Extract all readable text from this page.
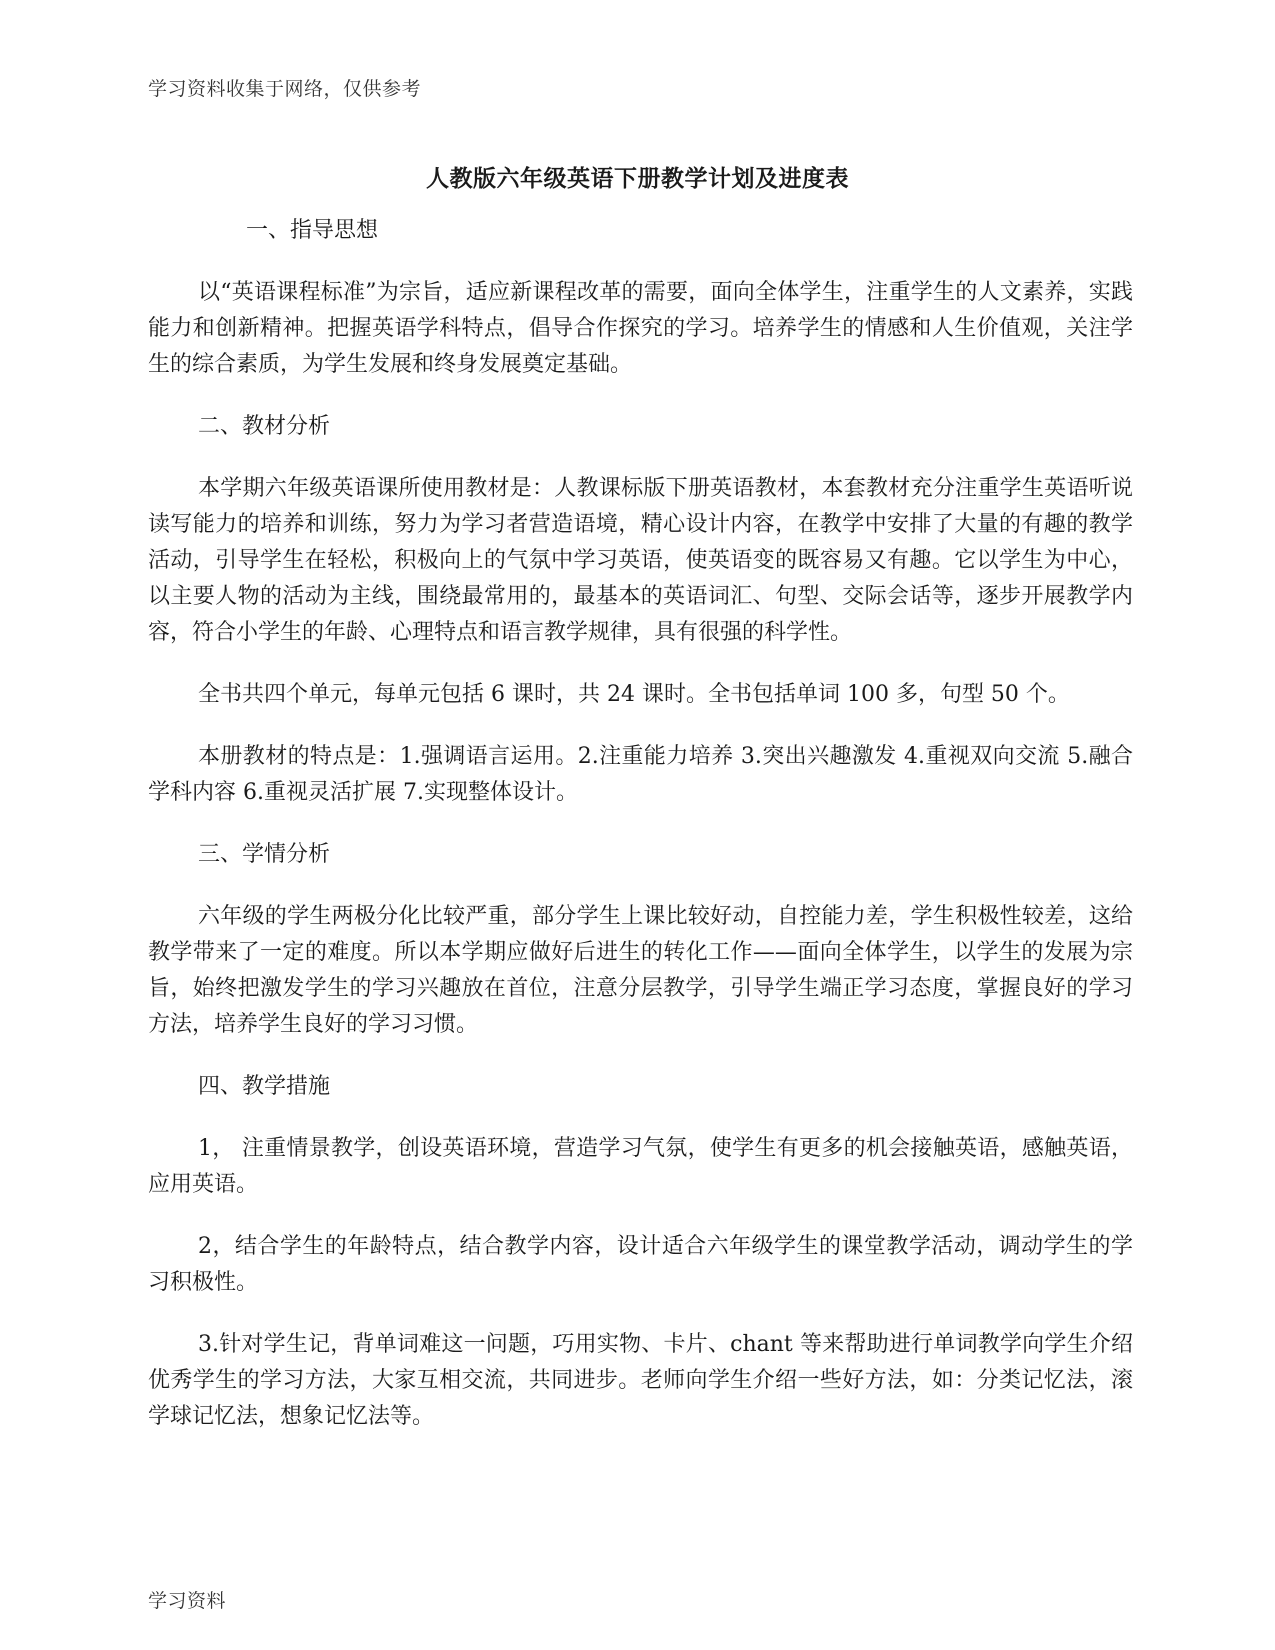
学习资料收集于网络，仅供参考
人教版六年级英语下册教学计划及进度表

一、指导思想

以“英语课程标准”为宗旨，适应新课程改革的需要，面向全体学生，注重学生的人文素养，实践能力和创新精神。把握英语学科特点，倡导合作探究的学习。培养学生的情感和人生价值观，关注学生的综合素质，为学生发展和终身发展奠定基础。

二、教材分析

本学期六年级英语课所使用教材是：人教课标版下册英语教材，本套教材充分注重学生英语听说读写能力的培养和训练，努力为学习者营造语境，精心设计内容，在教学中安排了大量的有趣的教学活动，引导学生在轻松，积极向上的气氛中学习英语，使英语变的既容易又有趣。它以学生为中心，以主要人物的活动为主线，围绕最常用的，最基本的英语词汇、句型、交际会话等，逐步开展教学内容，符合小学生的年龄、心理特点和语言教学规律，具有很强的科学性。

全书共四个单元，每单元包括 6 课时，共 24 课时。全书包括单词 100 多，句型 50 个。

本册教材的特点是：1.强调语言运用。2.注重能力培养 3.突出兴趣激发 4.重视双向交流 5.融合学科内容 6.重视灵活扩展 7.实现整体设计。

三、学情分析

六年级的学生两极分化比较严重，部分学生上课比较好动，自控能力差，学生积极性较差，这给教学带来了一定的难度。所以本学期应做好后进生的转化工作——面向全体学生，以学生的发展为宗旨，始终把激发学生的学习兴趣放在首位，注意分层教学，引导学生端正学习态度，掌握良好的学习方法，培养学生良好的学习习惯。

四、教学措施

1， 注重情景教学，创设英语环境，营造学习气氛，使学生有更多的机会接触英语，感触英语，应用英语。

2，结合学生的年龄特点，结合教学内容，设计适合六年级学生的课堂教学活动，调动学生的学习积极性。

3.针对学生记，背单词难这一问题，巧用实物、卡片、chant 等来帮助进行单词教学向学生介绍优秀学生的学习方法，大家互相交流，共同进步。老师向学生介绍一些好方法，如：分类记忆法，滚学球记忆法，想象记忆法等。

学习资料
